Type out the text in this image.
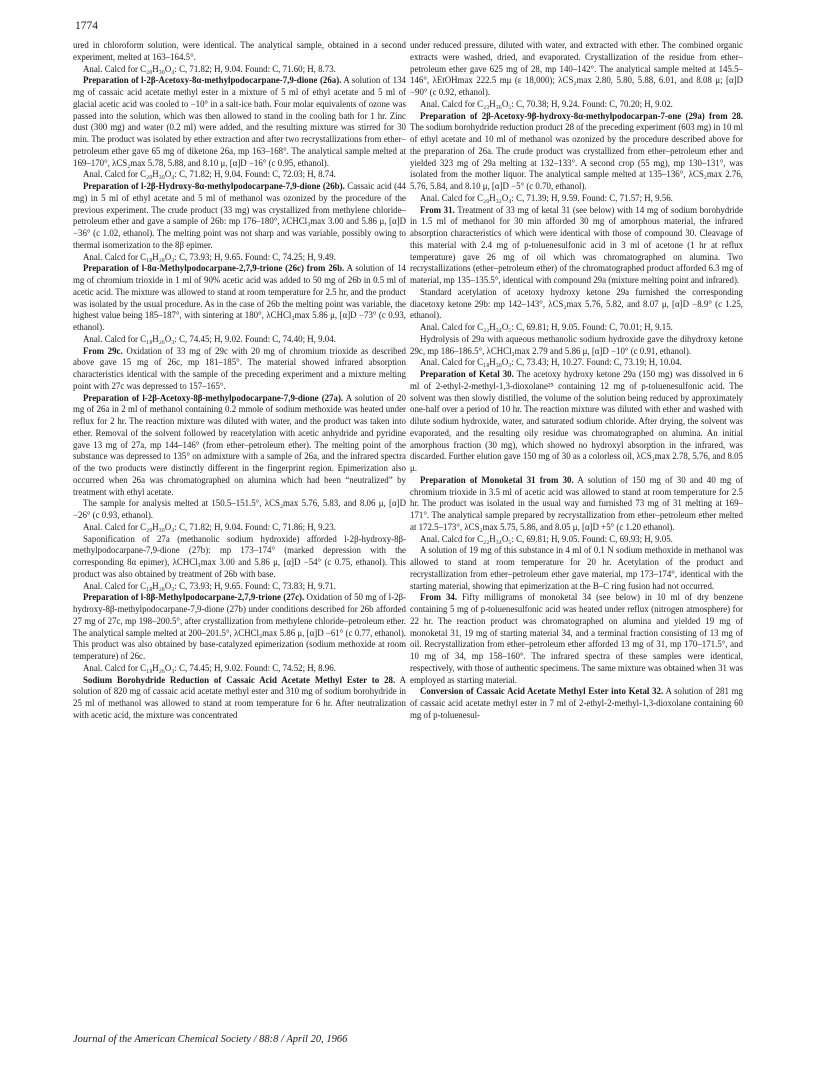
1774

ured in chloroform solution, were identical. The analytical sample, obtained in a second experiment, melted at 163–164.5°.

Anal. Calcd for C₂₀H₃₀O₄: C, 71.82; H, 9.04. Found: C, 71.60; H, 8.73.

Preparation of l-2β-Acetoxy-8α-methylpodocarpane-7,9-dione (26a). A solution of 134 mg of cassaic acid acetate methyl ester in a mixture of 5 ml of ethyl acetate and 5 ml of glacial acetic acid was cooled to −10° in a salt-ice bath. Four molar equivalents of ozone was passed into the solution, which was then allowed to stand in the cooling bath for 1 hr. Zinc dust (300 mg) and water (0.2 ml) were added, and the resulting mixture was stirred for 30 min. The product was isolated by ether extraction and after two recrystallizations from ether–petroleum ether gave 65 mg of diketone 26a, mp 163–168°. The analytical sample melted at 169–170°, λCS₂max 5.78, 5.88, and 8.10 μ, [α]D −16° (c 0.95, ethanol).

Anal. Calcd for C₂₀H₃₀O₄: C, 71.82; H, 9.04. Found: C, 72.03; H, 8.74.

Preparation of l-2β-Hydroxy-8α-methylpodocarpane-7,9-dione (26b). Cassaic acid (44 mg) in 5 ml of ethyl acetate and 5 ml of methanol was ozonized by the procedure of the previous experiment. The crude product (33 mg) was crystallized from methylene chloride–petroleum ether and gave a sample of 26b: mp 176–180°, λCHCl₃max 3.00 and 5.86 μ, [α]D −36° (c 1.02, ethanol). The melting point was not sharp and was variable, possibly owing to thermal isomerization to the 8β epimer.

Anal. Calcd for C₁₈H₂₈O₃: C, 73.93; H, 9.65. Found: C, 74.25; H, 9.49.

Preparation of l-8α-Methylpodocarpane-2,7,9-trione (26c) from 26b. A solution of 14 mg of chromium trioxide in 1 ml of 90% acetic acid was added to 50 mg of 26b in 0.5 ml of acetic acid. The mixture was allowed to stand at room temperature for 2.5 hr, and the product was isolated by the usual procedure. As in the case of 26b the melting point was variable, the highest value being 185–187°, with sintering at 180°, λCHCl₃max 5.86 μ, [α]D −73° (c 0.93, ethanol).

Anal. Calcd for C₁₈H₂₆O₃: C, 74.45; H, 9.02. Found: C, 74.40; H, 9.04.

From 29c. Oxidation of 33 mg of 29c with 20 mg of chromium trioxide as described above gave 15 mg of 26c, mp 181–185°. The material showed infrared absorption characteristics identical with the sample of the preceding experiment and a mixture melting point with 27c was depressed to 157–165°.

Preparation of l-2β-Acetoxy-8β-methylpodocarpane-7,9-dione (27a). A solution of 20 mg of 26a in 2 ml of methanol containing 0.2 mmole of sodium methoxide was heated under reflux for 2 hr. The reaction mixture was diluted with water, and the product was taken into ether. Removal of the solvent followed by reacetylation with acetic anhydride and pyridine gave 13 mg of 27a, mp 144–146° (from ether–petroleum ether). The melting point of the substance was depressed to 135° on admixture with a sample of 26a, and the infrared spectra of the two products were distinctly different in the fingerprint region. Epimerization also occurred when 26a was chromatographed on alumina which had been “neutralized” by treatment with ethyl acetate.

The sample for analysis melted at 150.5–151.5°, λCS₂max 5.76, 5.83, and 8.06 μ, [α]D −26° (c 0.93, ethanol).

Anal. Calcd for C₂₀H₃₀O₄: C, 71.82; H, 9.04. Found: C, 71.86; H, 9.23.

Saponification of 27a (methanolic sodium hydroxide) afforded l-2β-hydroxy-8β-methylpodocarpane-7,9-dione (27b): mp 173–174° (marked depression with the corresponding 8α epimer), λCHCl₃max 3.00 and 5.86 μ, [α]D −54° (c 0.75, ethanol). This product was also obtained by treatment of 26b with base.

Anal. Calcd for C₁₈H₂₈O₃: C, 73.93; H, 9.65. Found: C, 73.83; H, 9.71.

Preparation of l-8β-Methylpodocarpane-2,7,9-trione (27c). Oxidation of 50 mg of l-2β-hydroxy-8β-methylpodocarpane-7,9-dione (27b) under conditions described for 26b afforded 27 mg of 27c, mp 198–200.5°, after crystallization from methylene chloride–petroleum ether. The analytical sample melted at 200–201.5°, λCHCl₃max 5.86 μ, [α]D −61° (c 0.77, ethanol). This product was also obtained by base-catalyzed epimerization (sodium methoxide at room temperature) of 26c.

Anal. Calcd for C₁₈H₂₆O₃: C, 74.45; H, 9.02. Found: C, 74.52; H, 8.96.

Sodium Borohydride Reduction of Cassaic Acid Acetate Methyl Ester to 28. A solution of 820 mg of cassaic acid acetate methyl ester and 310 mg of sodium borohydride in 25 ml of methanol was allowed to stand at room temperature for 6 hr. After neutralization with acetic acid, the mixture was concentrated

under reduced pressure, diluted with water, and extracted with ether. The combined organic extracts were washed, dried, and evaporated. Crystallization of the residue from ether–petroleum ether gave 625 mg of 28, mp 140–142°. The analytical sample melted at 145.5–146°, λEtOHmax 222.5 mμ (ε 18,000); λCS₂max 2.80, 5.80, 5.88, 6.01, and 8.08 μ; [α]D −90° (c 0.92, ethanol).

Anal. Calcd for C₂₃H₃₆O₅: C, 70.38; H, 9.24. Found: C, 70.20; H, 9.02.

Preparation of 2β-Acetoxy-9β-hydroxy-8α-methylpodocarpan-7-one (29a) from 28. The sodium borohydride reduction product 28 of the preceding experiment (603 mg) in 10 ml of ethyl acetate and 10 ml of methanol was ozonized by the procedure described above for the preparation of 26a. The crude product was crystallized from ether–petroleum ether and yielded 323 mg of 29a melting at 132–133°. A second crop (55 mg), mp 130–131°, was isolated from the mother liquor. The analytical sample melted at 135–136°, λCS₂max 2.76, 5.76, 5.84, and 8.10 μ, [α]D −5° (c 0.70, ethanol).

Anal. Calcd for C₂₀H₃₂O₄: C, 71.39; H, 9.59. Found: C, 71.57; H, 9.56.

From 31. Treatment of 33 mg of ketal 31 (see below) with 14 mg of sodium borohydride in 1.5 ml of methanol for 30 min afforded 30 mg of amorphous material, the infrared absorption characteristics of which were identical with those of compound 30. Cleavage of this material with 2.4 mg of p-toluenesulfonic acid in 3 ml of acetone (1 hr at reflux temperature) gave 26 mg of oil which was chromatographed on alumina. Two recrystallizations (ether–petroleum ether) of the chromatographed product afforded 6.3 mg of material, mp 135–135.5°, identical with compound 29a (mixture melting point and infrared).

Standard acetylation of acetoxy hydroxy ketone 29a furnished the corresponding diacetoxy ketone 29b: mp 142–143°, λCS₂max 5.76, 5.82, and 8.07 μ, [α]D −8.9° (c 1.25, ethanol).

Anal. Calcd for C₂₂H₃₄O₅: C, 69.81; H, 9.05. Found: C, 70.01; H, 9.15.

Hydrolysis of 29a with aqueous methanolic sodium hydroxide gave the dihydroxy ketone 29c, mp 186–186.5°, λCHCl₃max 2.79 and 5.86 μ, [α]D −10° (c 0.91, ethanol).

Anal. Calcd for C₁₈H₃₀O₃: C, 73.43; H, 10.27. Found: C, 73.19; H, 10.04.

Preparation of Ketal 30. The acetoxy hydroxy ketone 29a (150 mg) was dissolved in 6 ml of 2-ethyl-2-methyl-1,3-dioxolane²⁵ containing 12 mg of p-toluenesulfonic acid. The solvent was then slowly distilled, the volume of the solution being reduced by approximately one-half over a period of 10 hr. The reaction mixture was diluted with ether and washed with dilute sodium hydroxide, water, and saturated sodium chloride. After drying, the solvent was evaporated, and the resulting oily residue was chromatographed on alumina. An initial amorphous fraction (30 mg), which showed no hydroxyl absorption in the infrared, was discarded. Further elution gave 150 mg of 30 as a colorless oil, λCS₂max 2.78, 5.76, and 8.05 μ.

Preparation of Monoketal 31 from 30. A solution of 150 mg of 30 and 40 mg of chromium trioxide in 3.5 ml of acetic acid was allowed to stand at room temperature for 2.5 hr. The product was isolated in the usual way and furnished 73 mg of 31 melting at 169–171°. The analytical sample prepared by recrystallization from ether–petroleum ether melted at 172.5–173°, λCS₂max 5.75, 5.86, and 8.05 μ, [α]D +5° (c 1.20 ethanol).

Anal. Calcd for C₂₂H₃₄O₅: C, 69.81; H, 9.05. Found: C, 69.93; H, 9.05.

A solution of 19 mg of this substance in 4 ml of 0.1 N sodium methoxide in methanol was allowed to stand at room temperature for 20 hr. Acetylation of the product and recrystallization from ether–petroleum ether gave material, mp 173–174°, identical with the starting material, showing that epimerization at the B–C ring fusion had not occurred.

From 34. Fifty milligrams of monoketal 34 (see below) in 10 ml of dry benzene containing 5 mg of p-toluenesulfonic acid was heated under reflux (nitrogen atmosphere) for 22 hr. The reaction product was chromatographed on alumina and yielded 19 mg of monoketal 31, 19 mg of starting material 34, and a terminal fraction consisting of 13 mg of oil. Recrystallization from ether–petroleum ether afforded 13 mg of 31, mp 170–171.5°, and 10 mg of 34, mp 158–160°. The infrared spectra of these samples were identical, respectively, with those of authentic specimens. The same mixture was obtained when 31 was employed as starting material.

Conversion of Cassaic Acid Acetate Methyl Ester into Ketal 32. A solution of 281 mg of cassaic acid acetate methyl ester in 7 ml of 2-ethyl-2-methyl-1,3-dioxolane containing 60 mg of p-toluenesul-

Journal of the American Chemical Society / 88:8 / April 20, 1966
